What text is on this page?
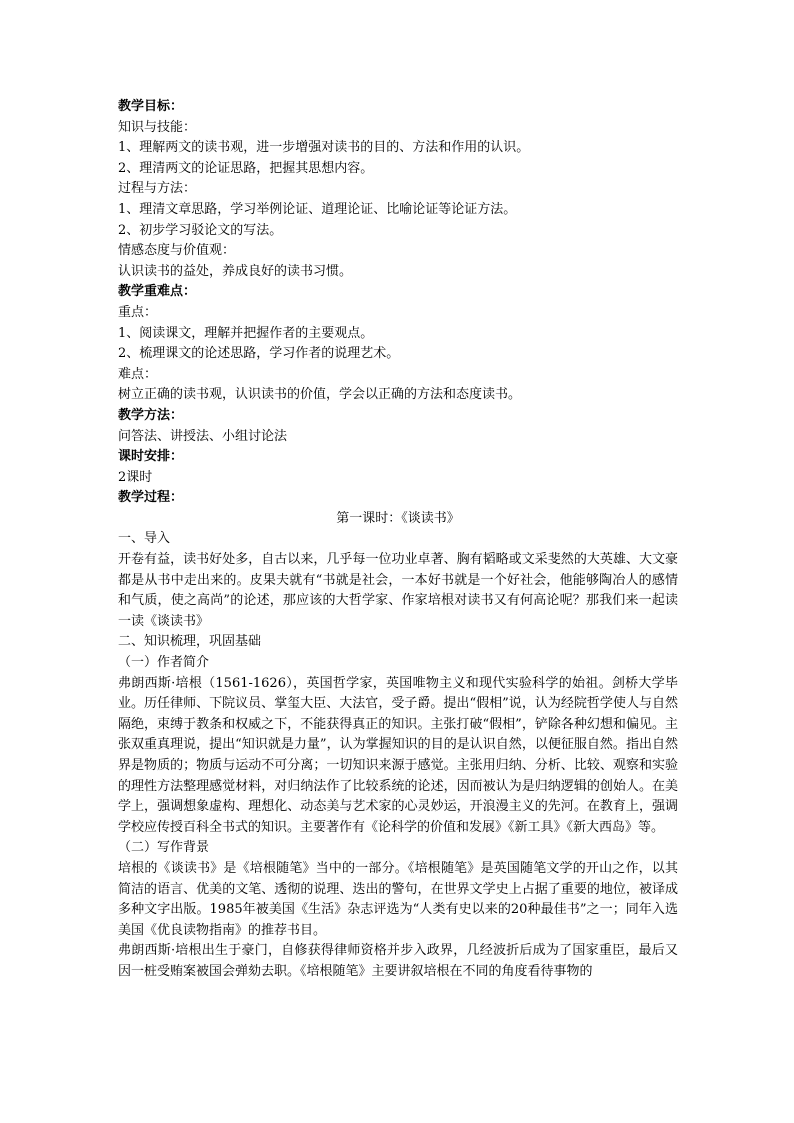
教学目标：
知识与技能：
1、理解两文的读书观，进一步增强对读书的目的、方法和作用的认识。
2、理清两文的论证思路，把握其思想内容。
过程与方法：
1、理清文章思路，学习举例论证、道理论证、比喻论证等论证方法。
2、初步学习驳论文的写法。
情感态度与价值观：
认识读书的益处，养成良好的读书习惯。
教学重难点：
重点：
1、阅读课文，理解并把握作者的主要观点。
2、梳理课文的论述思路，学习作者的说理艺术。
难点：
树立正确的读书观，认识读书的价值，学会以正确的方法和态度读书。
教学方法：
问答法、讲授法、小组讨论法
课时安排：
2课时
教学过程：
第一课时：《谈读书》
一、导入
开卷有益，读书好处多，自古以来，几乎每一位功业卓著、胸有韬略或文采斐然的大英雄、大文豪都是从书中走出来的。皮果夫就有“书就是社会，一本好书就是一个好社会，他能够陶冶人的感情和气质，使之高尚”的论述，那应该的大哲学家、作家培根对读书又有何高论呢？那我们来一起读一读《谈读书》
二、知识梳理，巩固基础
（一）作者简介
弗朗西斯·培根（1561-1626），英国哲学家，英国唯物主义和现代实验科学的始祖。剑桥大学毕业。历任律师、下院议员、掌玺大臣、大法官，受子爵。提出“假相”说，认为经院哲学使人与自然隔绝，束缚于教条和权威之下，不能获得真正的知识。主张打破“假相”，铲除各种幻想和偏见。主张双重真理说，提出“知识就是力量”，认为掌握知识的目的是认识自然，以便征服自然。指出自然界是物质的；物质与运动不可分离；一切知识来源于感觉。主张用归纳、分析、比较、观察和实验的理性方法整理感觉材料，对归纳法作了比较系统的论述，因而被认为是归纳逻辑的创始人。在美学上，强调想象虚构、理想化、动态美与艺术家的心灵妙运，开浪漫主义的先河。在教育上，强调学校应传授百科全书式的知识。主要著作有《论科学的价值和发展》《新工具》《新大西岛》等。
（二）写作背景
培根的《谈读书》是《培根随笔》当中的一部分。《培根随笔》是英国随笔文学的开山之作，以其简洁的语言、优美的文笔、透彻的说理、迭出的警句，在世界文学史上占据了重要的地位，被译成多种文字出版。1985年被美国《生活》杂志评选为“人类有史以来的20种最佳书”之一；同年入选美国《优良读物指南》的推荐书目。
弗朗西斯·培根出生于豪门，自修获得律师资格并步入政界，几经波折后成为了国家重臣，最后又因一桩受贿案被国会弹劾去职。《培根随笔》主要讲叙培根在不同的角度看待事物的
